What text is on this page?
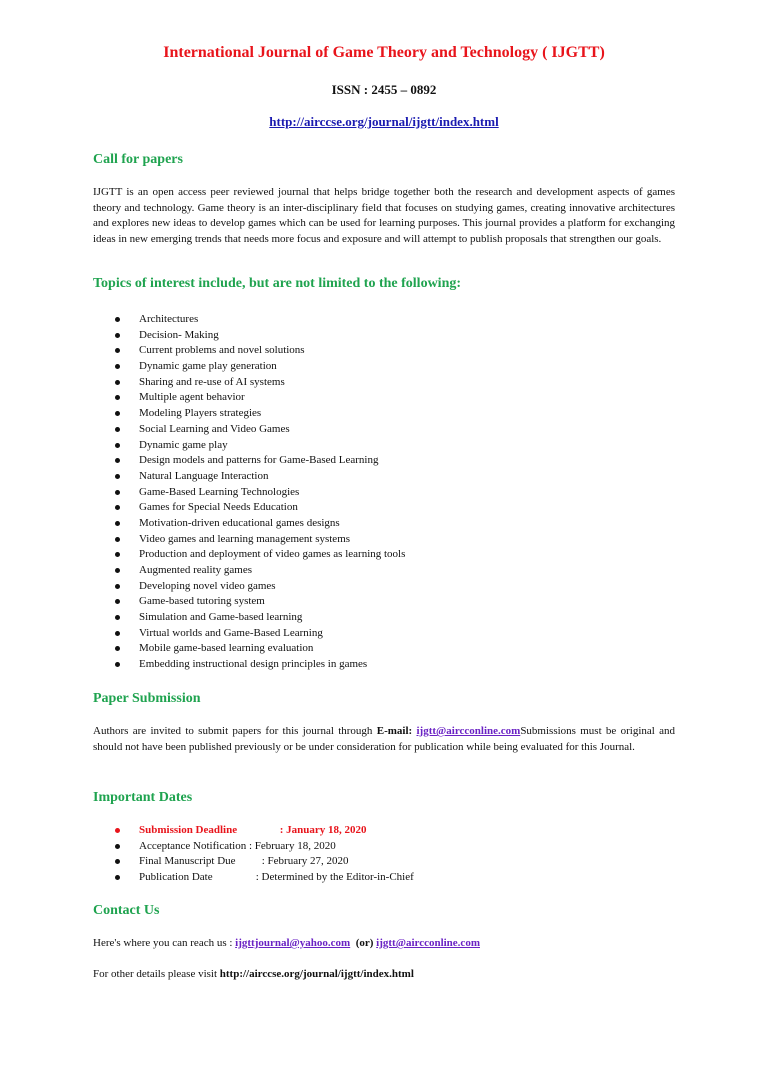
International Journal of Game Theory and Technology ( IJGTT)
ISSN : 2455 – 0892
http://airccse.org/journal/ijgtt/index.html
Call for papers
IJGTT is an open access peer reviewed journal that helps bridge together both the research and development aspects of games theory and technology. Game theory is an inter-disciplinary field that focuses on studying games, creating innovative architectures and explores new ideas to develop games which can be used for learning purposes. This journal provides a platform for exchanging ideas in new emerging trends that needs more focus and exposure and will attempt to publish proposals that strengthen our goals.
Topics of interest include, but are not limited to the following:
Architectures
Decision- Making
Current problems and novel solutions
Dynamic game play generation
Sharing and re-use of AI systems
Multiple agent behavior
Modeling Players strategies
Social Learning and Video Games
Dynamic game play
Design models and patterns for Game-Based Learning
Natural Language Interaction
Game-Based Learning Technologies
Games for Special Needs Education
Motivation-driven educational games designs
Video games and learning management systems
Production and deployment of video games as learning tools
Augmented reality games
Developing novel video games
Game-based tutoring system
Simulation and Game-based learning
Virtual worlds and Game-Based Learning
Mobile game-based learning evaluation
Embedding instructional design principles in games
Paper Submission
Authors are invited to submit papers for this journal through E-mail: ijgtt@aircconline.comSubmissions must be original and should not have been published previously or be under consideration for publication while being evaluated for this Journal.
Important Dates
Submission Deadline	: January 18, 2020
Acceptance Notification : February 18, 2020
Final Manuscript Due : February 27, 2020
Publication Date	: Determined by the Editor-in-Chief
Contact Us
Here's where you can reach us : ijgttjournal@yahoo.com (or) ijgtt@aircconline.com
For other details please visit http://airccse.org/journal/ijgtt/index.html
